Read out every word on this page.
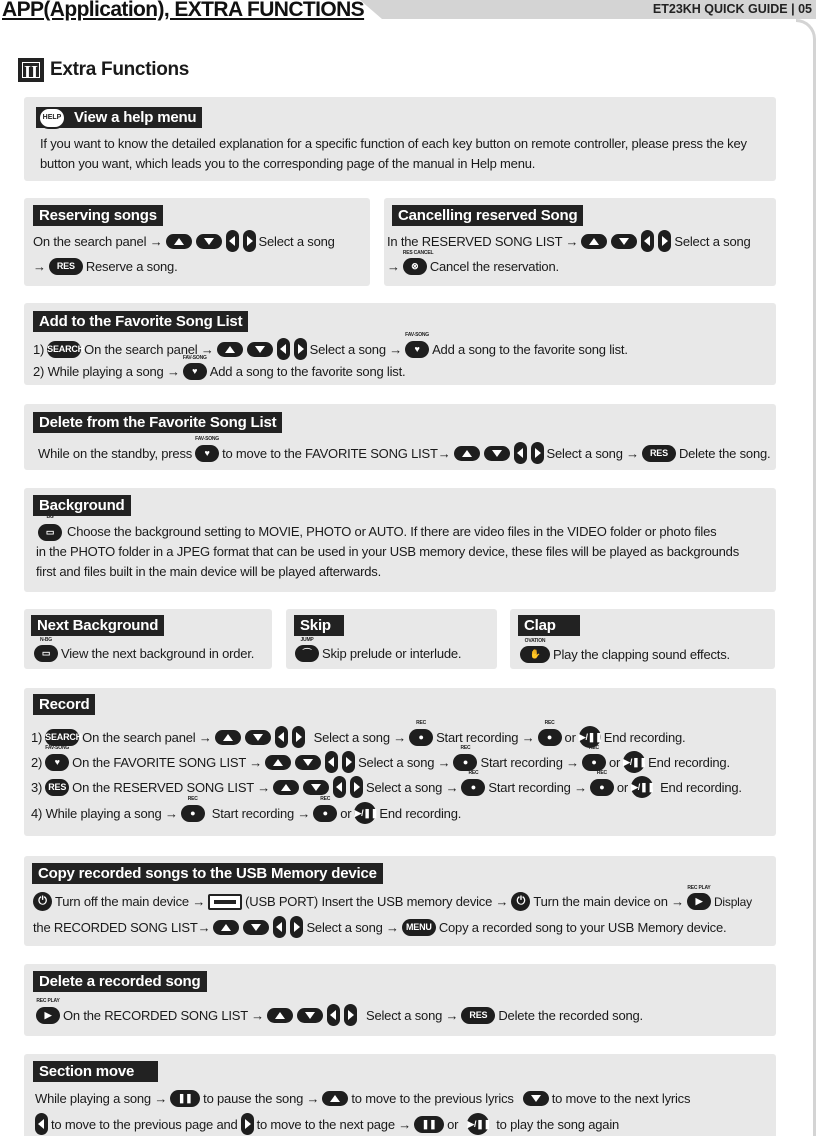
APP(Application), EXTRA FUNCTIONS	ET23KH QUICK GUIDE | 05
II Extra Functions
View a help menu
HELP
If you want to know the detailed explanation for a specific function of each key button on remote controller, please press the key button you want, which leads you to the corresponding page of the manual in Help menu.
Reserving songs
On the search panel →	Select a song
→	RES Reserve a song.
Cancelling reserved Song
In the RESERVED SONG LIST →	Select a song
→
RES CANCEL
⊗ Cancel the reservation.
Add to the Favorite Song List
1) SEARCH On the search panel →	Select a song →
FAV-SONG
♥ Add a song to the favorite song list.
2) While playing a song →
FAV-SONG
♥ Add a song to the favorite song list.
Delete from the Favorite Song List
While on the standby, press
FAV-SONG
♥ to move to the FAVORITE SONG LIST→	Select a song →	RES Delete the song.
Background
BG
▭ Choose the background setting to MOVIE, PHOTO or AUTO. If there are video files in the VIDEO folder or photo files
in the PHOTO folder in a JPEG format that can be used in your USB memory device, these files will be played as backgrounds
first and files built in the main device will be played afterwards.
Next Background
N-BG
▭ View the next background in order.
Skip
JUMP
⌒ Skip prelude or interlude.
Clap
OVATION
✋ Play the clapping sound effects.
Record
1) SEARCH On the search panel →	Select a song →
REC
● Start recording →
REC
● or ▶/❚❚ End recording.
2)
FAV-SONG
♥ On the FAVORITE SONG LIST →	Select a song →
REC
● Start recording →
REC
● or ▶/❚❚ End recording.
3) RES On the RESERVED SONG LIST →	Select a song →
REC
● Start recording →
REC
● or ▶/❚❚ End recording.
4) While playing a song →
REC
●	Start recording →
REC
● or ▶/❚❚ End recording.
Copy recorded songs to the USB Memory device
⏻ Turn off the main device →	(USB PORT) Insert the USB memory device → ⏻ Turn the main device on →
REC PLAY
▶ Display
the RECORDED SONG LIST→	Select a song → MENU Copy a recorded song to your USB Memory device.
Delete a recorded song
REC PLAY
▶ On the RECORDED SONG LIST →	Select a song →	RES Delete the recorded song.
Section move
While playing a song →	❚❚ to pause the song → to move to the previous lyrics	to move to the next lyrics
to move to the previous page and to move to the next page →	❚❚ or ▶/❚❚ to play the song again
